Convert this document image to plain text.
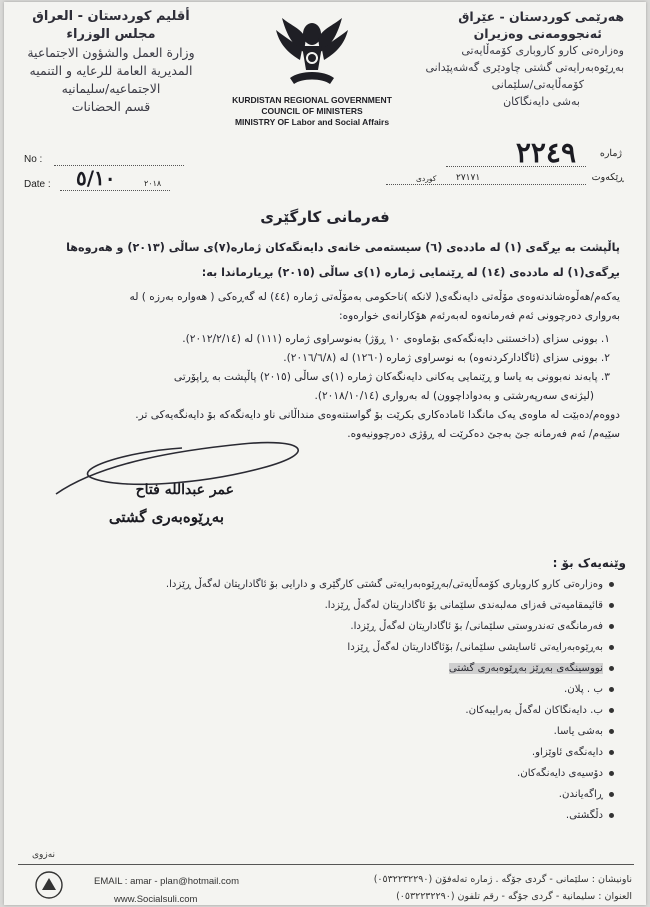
هەرێمی کوردستان - عێراق
ئەنجوومەنی وەزیران
وەزارەتی کارو کاروباری کۆمەڵایەتی
بەڕێوەبەرایەتی گشتی چاودێری گەشەپێدانی
کۆمەڵایەتی/سلێمانی
بەشی دایەنگاکان
أقليم كوردستان - العراق
مجلس الوزراء
وزارة العمل والشؤون الاجتماعية
المديرية العامة للرعايه و التنميه
الاجتماعيه/سليمانيه
قسم الحضانات	KURDISTAN REGIONAL GOVERNMENT
COUNCIL OF MINISTERS
MINISTRY OF Labor and Social Affairs
No :
Date : ٥/١٠	٢٠١٨
ژمارە
٢٢٤٩
ڕێکەوت
٢٧١٧١
کوردی
فەرمانی کارگێری
پاڵپشت بە بڕگەی (١) لە ماددەی (٦) سیستەمی خانەی دایەنگەکان ژمارە(٧)ی ساڵی (٢٠١٣) و هەروەها
بڕگەی(١) لە ماددەی (١٤) لە ڕێنمایی ژمارە (١)ی ساڵی (٢٠١٥) بڕیارماندا بە:
یەکەم/هەڵوەشاندنەوەی مۆڵەتی دایەنگەی( لانکە )ناحکومی بەمۆڵەتی ژمارە (٤٤) لە گەڕەکی ( هەوارە بەرزە ) لە
بەرواری دەرچوونی ئەم فەرمانەوە لەبەرئەم هۆکارانەی خوارەوە:
١. بوونی سزای (داخستنی دایەنگەکەی بۆماوەی ١٠ ڕۆژ) بەنوسراوی ژمارە (١١١) لە (٢٠١٢/٢/١٤).
٢. بوونی سزای (ئاگادارکردنەوە) بە نوسراوی ژمارە (١٢٦٠) لە (٢٠١٦/٦/٨).
٣. پابەند نەبوونی بە یاسا و ڕێنمایی یەکانی دایەنگەکان ژمارە (١)ی ساڵی (٢٠١٥) پاڵپشت بە ڕاپۆرتی
(لیژنەی سەرپەرشتی و بەدواداچوون) لە بەرواری (٢٠١٨/١٠/١٤).
دووەم/دەبێت لە ماوەی یەک مانگدا ئامادەکاری بکرێت بۆ گواستنەوەی منداڵانی ناو دایەنگەکە بۆ دایەنگەیەکی تر.
سێیەم/ ئەم فەرمانە جێ بەجێ دەکرێت لە ڕۆژی دەرچوونیەوە.
عمر عبدالله فتاح
بەڕێوەبەری گشتی
وێنەیەک بۆ :
وەزارەتی کارو کاروباری کۆمەڵایەتی/بەڕێوەبەرایەتی گشتی کارگێری و دارایی بۆ ئاگاداریتان لەگەڵ ڕێزدا.
قائیمقامیەتی قەزای مەلبەندی سلێمانی بۆ ئاگاداریتان لەگەڵ ڕێزدا.
فەرمانگەی تەندروستی سلێمانی/ بۆ ئاگاداریتان لەگەڵ ڕێزدا.
بەڕێوەبەرایەتی ئاسایشی سلێمانی/ بۆئاگاداریتان لەگەڵ ڕێزدا
نووسینگەی بەڕێز بەڕێوەبەری گشتی
ب . پلان.
ب. دایەنگاکان لەگەڵ بەرایبەکان.
بەشی یاسا.
دایەنگەی ئاوێزاو.
دۆسیەی دایەنگەکان.
ڕاگەیاندن.
دڵگشتی.
نەزوی
EMAIL : amar - plan@hotmail.com
www.Socialsuli.com
ناونیشان : سلێمانی - گردی جۆگە . ژمارە تەلەفۆن (٠٥٣٢٢٣٢٢٩٠)
العنوان : سليمانية - گردی جۆگە - رقم تلفون (٠٥٣٢٢٣٢٢٩٠)
